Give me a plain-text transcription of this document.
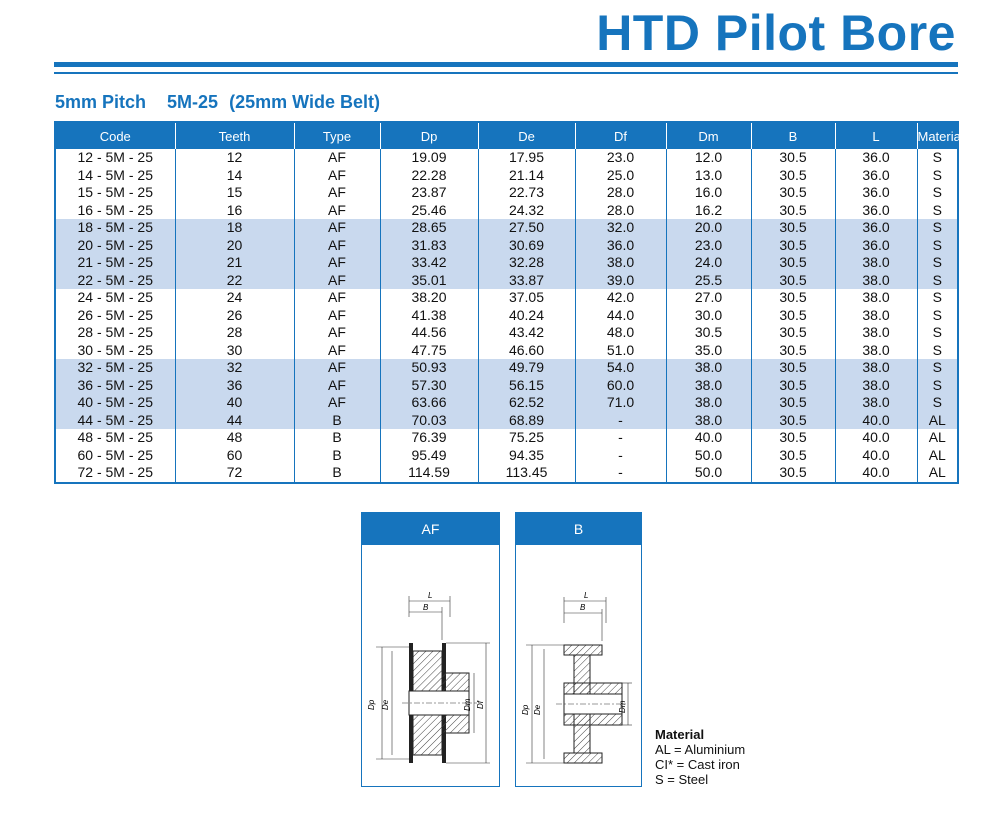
HTD Pilot Bore
5mm Pitch 5M-25 (25mm Wide Belt)
Code	Teeth	Type	Dp	De	Df	Dm	B	L	Material
12 - 5M - 25	12	AF	19.09	17.95	23.0	12.0	30.5	36.0	S
14 - 5M - 25	14	AF	22.28	21.14	25.0	13.0	30.5	36.0	S
15 - 5M - 25	15	AF	23.87	22.73	28.0	16.0	30.5	36.0	S
16 - 5M - 25	16	AF	25.46	24.32	28.0	16.2	30.5	36.0	S
18 - 5M - 25	18	AF	28.65	27.50	32.0	20.0	30.5	36.0	S
20 - 5M - 25	20	AF	31.83	30.69	36.0	23.0	30.5	36.0	S
21 - 5M - 25	21	AF	33.42	32.28	38.0	24.0	30.5	38.0	S
22 - 5M - 25	22	AF	35.01	33.87	39.0	25.5	30.5	38.0	S
24 - 5M - 25	24	AF	38.20	37.05	42.0	27.0	30.5	38.0	S
26 - 5M - 25	26	AF	41.38	40.24	44.0	30.0	30.5	38.0	S
28 - 5M - 25	28	AF	44.56	43.42	48.0	30.5	30.5	38.0	S
30 - 5M - 25	30	AF	47.75	46.60	51.0	35.0	30.5	38.0	S
32 - 5M - 25	32	AF	50.93	49.79	54.0	38.0	30.5	38.0	S
36 - 5M - 25	36	AF	57.30	56.15	60.0	38.0	30.5	38.0	S
40 - 5M - 25	40	AF	63.66	62.52	71.0	38.0	30.5	38.0	S
44 - 5M - 25	44	B	70.03	68.89	-	38.0	30.5	40.0	AL
48 - 5M - 25	48	B	76.39	75.25	-	40.0	30.5	40.0	AL
60 - 5M - 25	60	B	95.49	94.35	-	50.0	30.5	40.0	AL
72 - 5M - 25	72	B	114.59	113.45	-	50.0	30.5	40.0	AL
AF
L
B
Dp De	Dm Df
B
L
B
Dp De	Dm
Material
AL = Aluminium
CI* = Cast iron
S = Steel
